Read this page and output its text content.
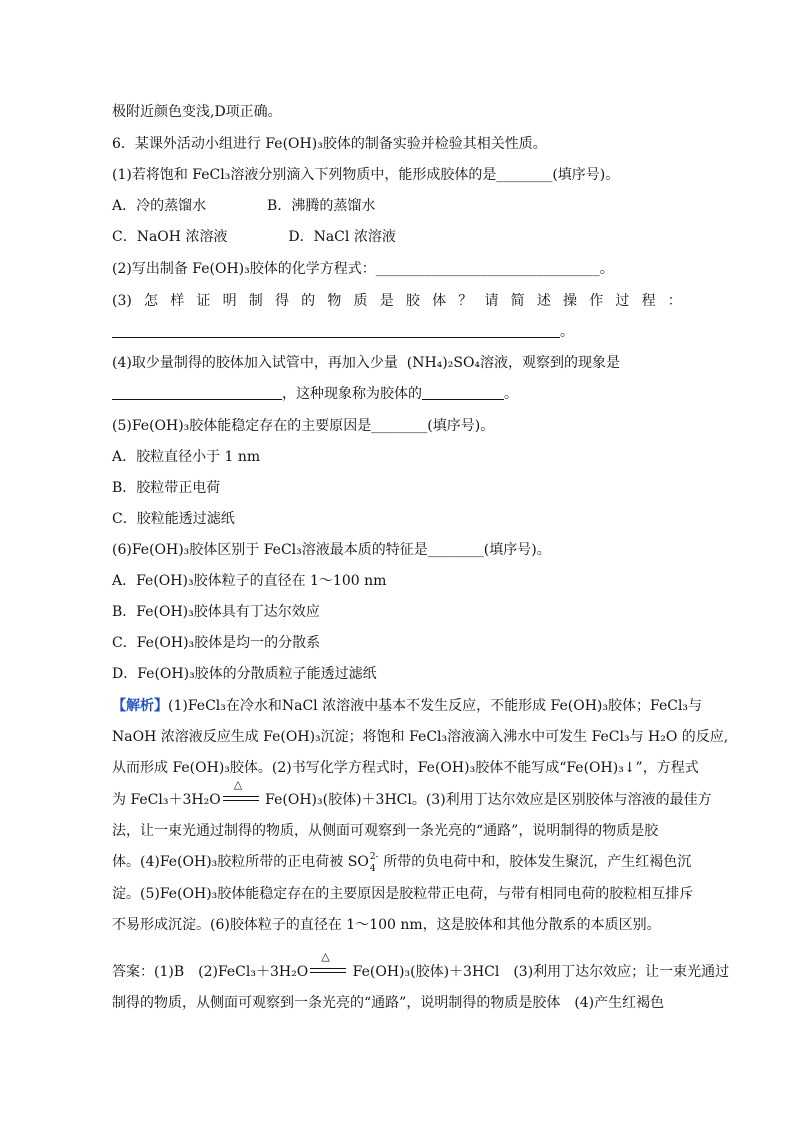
极附近颜色变浅,D项正确。
6．某课外活动小组进行 Fe(OH)₃胶体的制备实验并检验其相关性质。
(1)若将饱和 FeCl₃溶液分别滴入下列物质中，能形成胶体的是________(填序号)。
A．冷的蒸馏水	B．沸腾的蒸馏水
C．NaOH 浓溶液	D．NaCl 浓溶液
(2)写出制备 Fe(OH)₃胶体的化学方程式：________________________________。
(3) 怎 样 证 明 制 得 的 物 质 是 胶 体 ？ 请 简 述 操 作 过 程 ：
。
(4)取少量制得的胶体加入试管中，再加入少量 (NH₄)₂SO₄溶液，观察到的现象是
，这种现象称为胶体的	。
(5)Fe(OH)₃胶体能稳定存在的主要原因是________(填序号)。
A．胶粒直径小于 1 nm
B．胶粒带正电荷
C．胶粒能透过滤纸
(6)Fe(OH)₃胶体区别于 FeCl₃溶液最本质的特征是________(填序号)。
A．Fe(OH)₃胶体粒子的直径在 1～100 nm
B．Fe(OH)₃胶体具有丁达尔效应
C．Fe(OH)₃胶体是均一的分散系
D．Fe(OH)₃胶体的分散质粒子能透过滤纸
【解析】(1)FeCl₃在冷水和NaCl 浓溶液中基本不发生反应，不能形成 Fe(OH)₃胶体；FeCl₃与
NaOH 浓溶液反应生成 Fe(OH)₃沉淀；将饱和 FeCl₃溶液滴入沸水中可发生 FeCl₃与 H₂O 的反应,
从而形成 Fe(OH)₃胶体。(2)书写化学方程式时，Fe(OH)₃胶体不能写成“Fe(OH)₃↓”，方程式
为 FeCl₃＋3H₂O
△
Fe(OH)₃(胶体)＋3HCl。(3)利用丁达尔效应是区别胶体与溶液的最佳方
法，让一束光通过制得的物质，从侧面可观察到一条光亮的“通路”，说明制得的物质是胶
体。(4)Fe(OH)₃胶粒所带的正电荷被 SO 2-
4 所带的负电荷中和，胶体发生聚沉，产生红褐色沉
淀。(5)Fe(OH)₃胶体能稳定存在的主要原因是胶粒带正电荷，与带有相同电荷的胶粒相互排斥
不易形成沉淀。(6)胶体粒子的直径在 1～100 nm，这是胶体和其他分散系的本质区别。
答案：(1)B　(2)FeCl₃＋3H₂O
△
Fe(OH)₃(胶体)＋3HCl　(3)利用丁达尔效应；让一束光通过
制得的物质，从侧面可观察到一条光亮的“通路”，说明制得的物质是胶体　(4)产生红褐色
